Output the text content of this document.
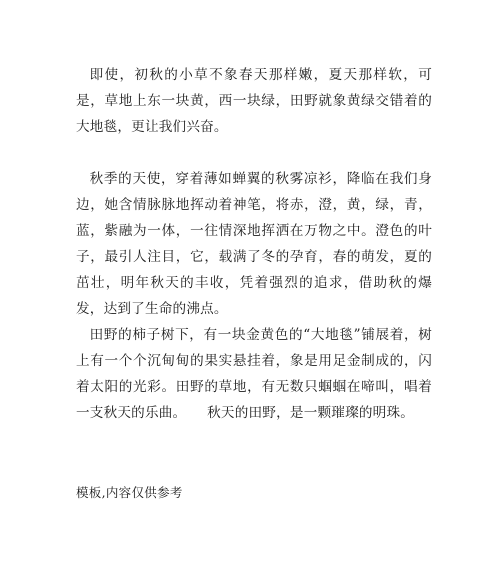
即使，初秋的小草不象春天那样嫩，夏天那样软，可是，草地上东一块黄，西一块绿，田野就象黄绿交错着的大地毯，更让我们兴奋。

秋季的天使，穿着薄如蝉翼的秋雾凉衫，降临在我们身边，她含情脉脉地挥动着神笔，将赤，澄，黄，绿，青，蓝，紫融为一体，一往情深地挥洒在万物之中。澄色的叶子，最引人注目，它，载满了冬的孕育，春的萌发，夏的茁壮，明年秋天的丰收，凭着强烈的追求，借助秋的爆发，达到了生命的沸点。

田野的柿子树下，有一块金黄色的“大地毯”铺展着，树上有一个个沉甸甸的果实悬挂着，象是用足金制成的，闪着太阳的光彩。田野的草地，有无数只蝈蝈在啼叫，唱着一支秋天的乐曲。　　秋天的田野，是一颗璀璨的明珠。

模板,内容仅供参考
